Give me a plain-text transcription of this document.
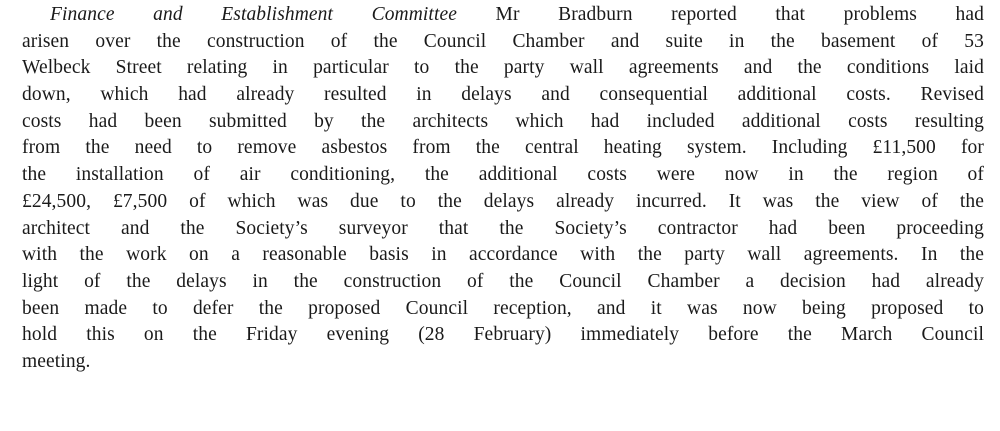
Finance and Establishment Committee Mr Bradburn reported that problems had
arisen over the construction of the Council Chamber and suite in the basement of 53
Welbeck Street relating in particular to the party wall agreements and the conditions laid
down, which had already resulted in delays and consequential additional costs. Revised
costs had been submitted by the architects which had included additional costs resulting
from the need to remove asbestos from the central heating system. Including £11,500 for
the installation of air conditioning, the additional costs were now in the region of
£24,500, £7,500 of which was due to the delays already incurred. It was the view of the
architect and the Society’s surveyor that the Society’s contractor had been proceeding
with the work on a reasonable basis in accordance with the party wall agreements. In the
light of the delays in the construction of the Council Chamber a decision had already
been made to defer the proposed Council reception, and it was now being proposed to
hold this on the Friday evening (28 February) immediately before the March Council
meeting.
